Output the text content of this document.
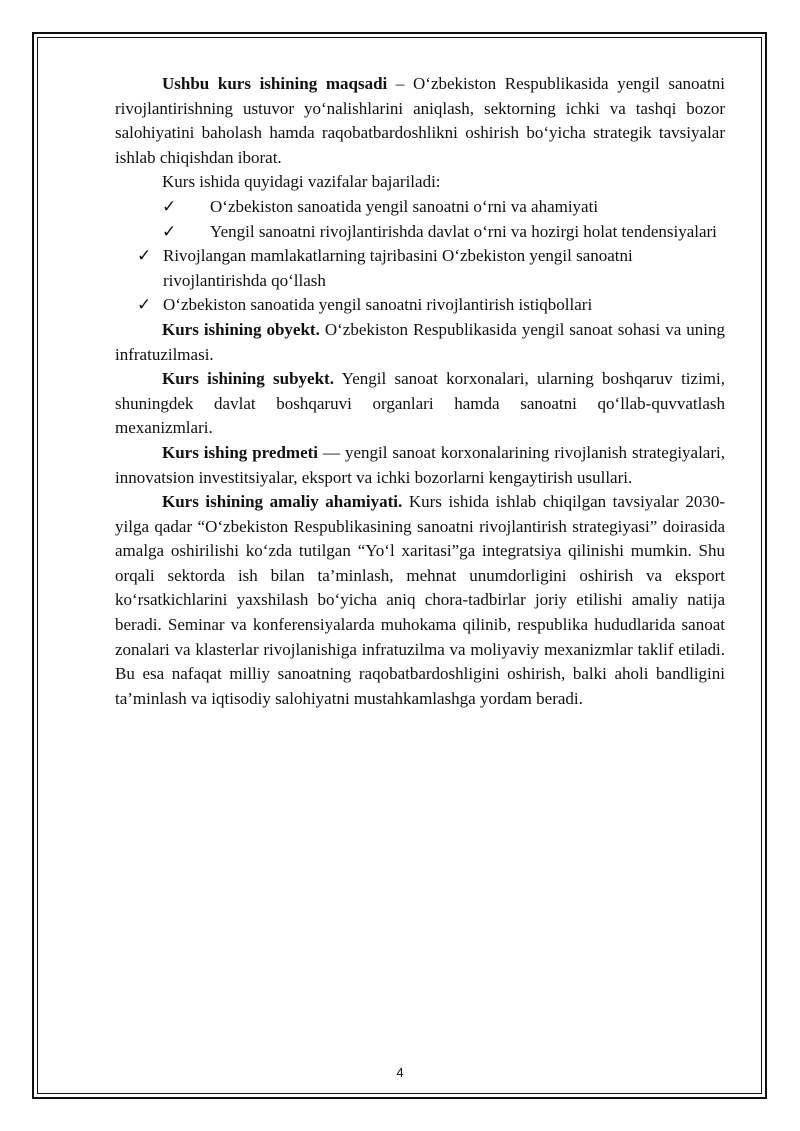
Ushbu kurs ishining maqsadi – O‘zbekiston Respublikasida yengil sanoatni rivojlantirishning ustuvor yo‘nalishlarini aniqlash, sektorning ichki va tashqi bozor salohiyatini baholash hamda raqobatbardoshlikni oshirish bo‘yicha strategik tavsiyalar ishlab chiqishdan iborat.

Kurs ishida quyidagi vazifalar bajariladi:

✓ O‘zbekiston sanoatida yengil sanoatni o‘rni va ahamiyati

✓ Yengil sanoatni rivojlantirishda davlat o‘rni va hozirgi holat tendensiyalari

✓ Rivojlangan mamlakatlarning tajribasini O‘zbekiston yengil sanoatni rivojlantirishda qo‘llash

✓ O‘zbekiston sanoatida yengil sanoatni rivojlantirish istiqbollari

Kurs ishining obyekt. O‘zbekiston Respublikasida yengil sanoat sohasi va uning infratuzilmasi.

Kurs ishining subyekt. Yengil sanoat korxonalari, ularning boshqaruv tizimi, shuningdek davlat boshqaruvi organlari hamda sanoatni qo‘llab-quvvatlash mexanizmlari.

Kurs ishing predmeti — yengil sanoat korxonalarining rivojlanish strategiyalari, innovatsion investitsiyalar, eksport va ichki bozorlarni kengaytirish usullari.

Kurs ishining amaliy ahamiyati. Kurs ishida ishlab chiqilgan tavsiyalar 2030-yilga qadar “O‘zbekiston Respublikasining sanoatni rivojlantirish strategiyasi” doirasida amalga oshirilishi ko‘zda tutilgan “Yo‘l xaritasi”ga integratsiya qilinishi mumkin. Shu orqali sektorda ish bilan ta’minlash, mehnat unumdorligini oshirish va eksport ko‘rsatkichlarini yaxshilash bo‘yicha aniq chora-tadbirlar joriy etilishi amaliy natija beradi. Seminar va konferensiyalarda muhokama qilinib, respublika hududlarida sanoat zonalari va klasterlar rivojlanishiga infratuzilma va moliyaviy mexanizmlar taklif etiladi. Bu esa nafaqat milliy sanoatning raqobatbardoshligini oshirish, balki aholi bandligini ta’minlash va iqtisodiy salohiyatni mustahkamlashga yordam beradi.

4
